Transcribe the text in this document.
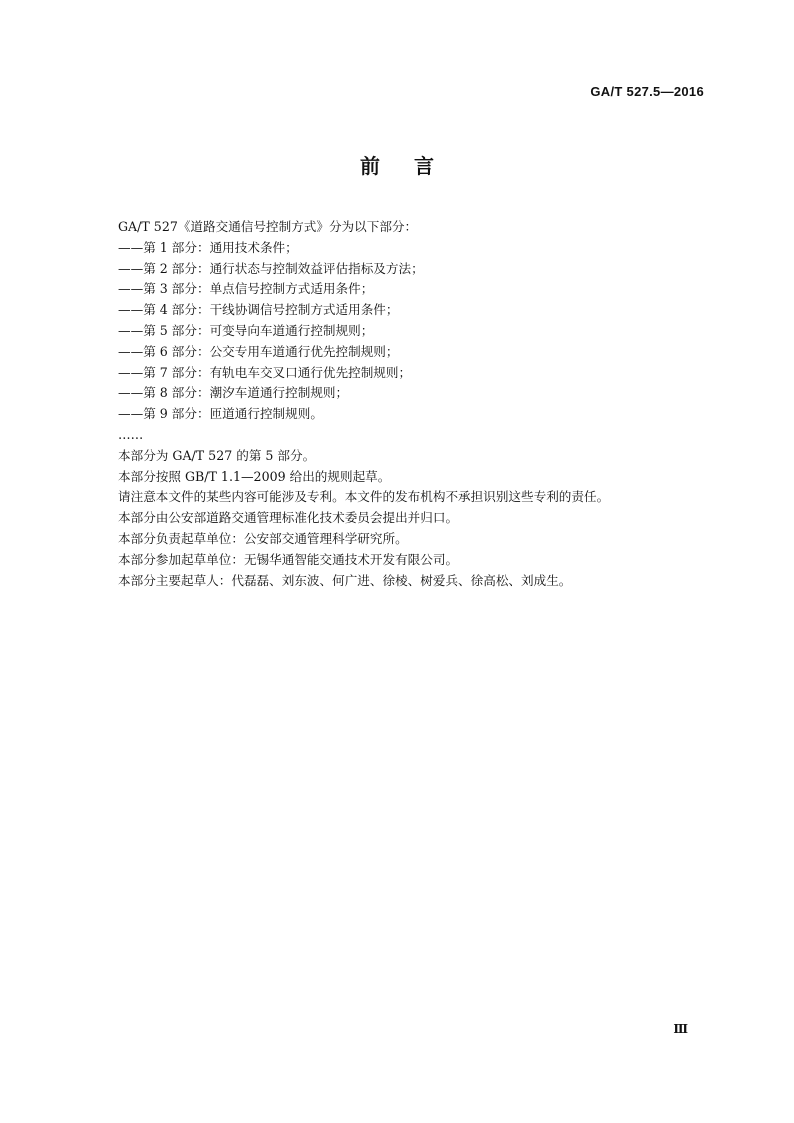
GA/T 527.5—2016
前言
GA/T 527《道路交通信号控制方式》分为以下部分：
——第 1 部分：通用技术条件；
——第 2 部分：通行状态与控制效益评估指标及方法；
——第 3 部分：单点信号控制方式适用条件；
——第 4 部分：干线协调信号控制方式适用条件；
——第 5 部分：可变导向车道通行控制规则；
——第 6 部分：公交专用车道通行优先控制规则；
——第 7 部分：有轨电车交叉口通行优先控制规则；
——第 8 部分：潮汐车道通行控制规则；
——第 9 部分：匝道通行控制规则。
……
本部分为 GA/T 527 的第 5 部分。
本部分按照 GB/T 1.1—2009 给出的规则起草。
请注意本文件的某些内容可能涉及专利。本文件的发布机构不承担识别这些专利的责任。
本部分由公安部道路交通管理标准化技术委员会提出并归口。
本部分负责起草单位：公安部交通管理科学研究所。
本部分参加起草单位：无锡华通智能交通技术开发有限公司。
本部分主要起草人：代磊磊、刘东波、何广进、徐棱、树爱兵、徐高松、刘成生。
Ⅲ
